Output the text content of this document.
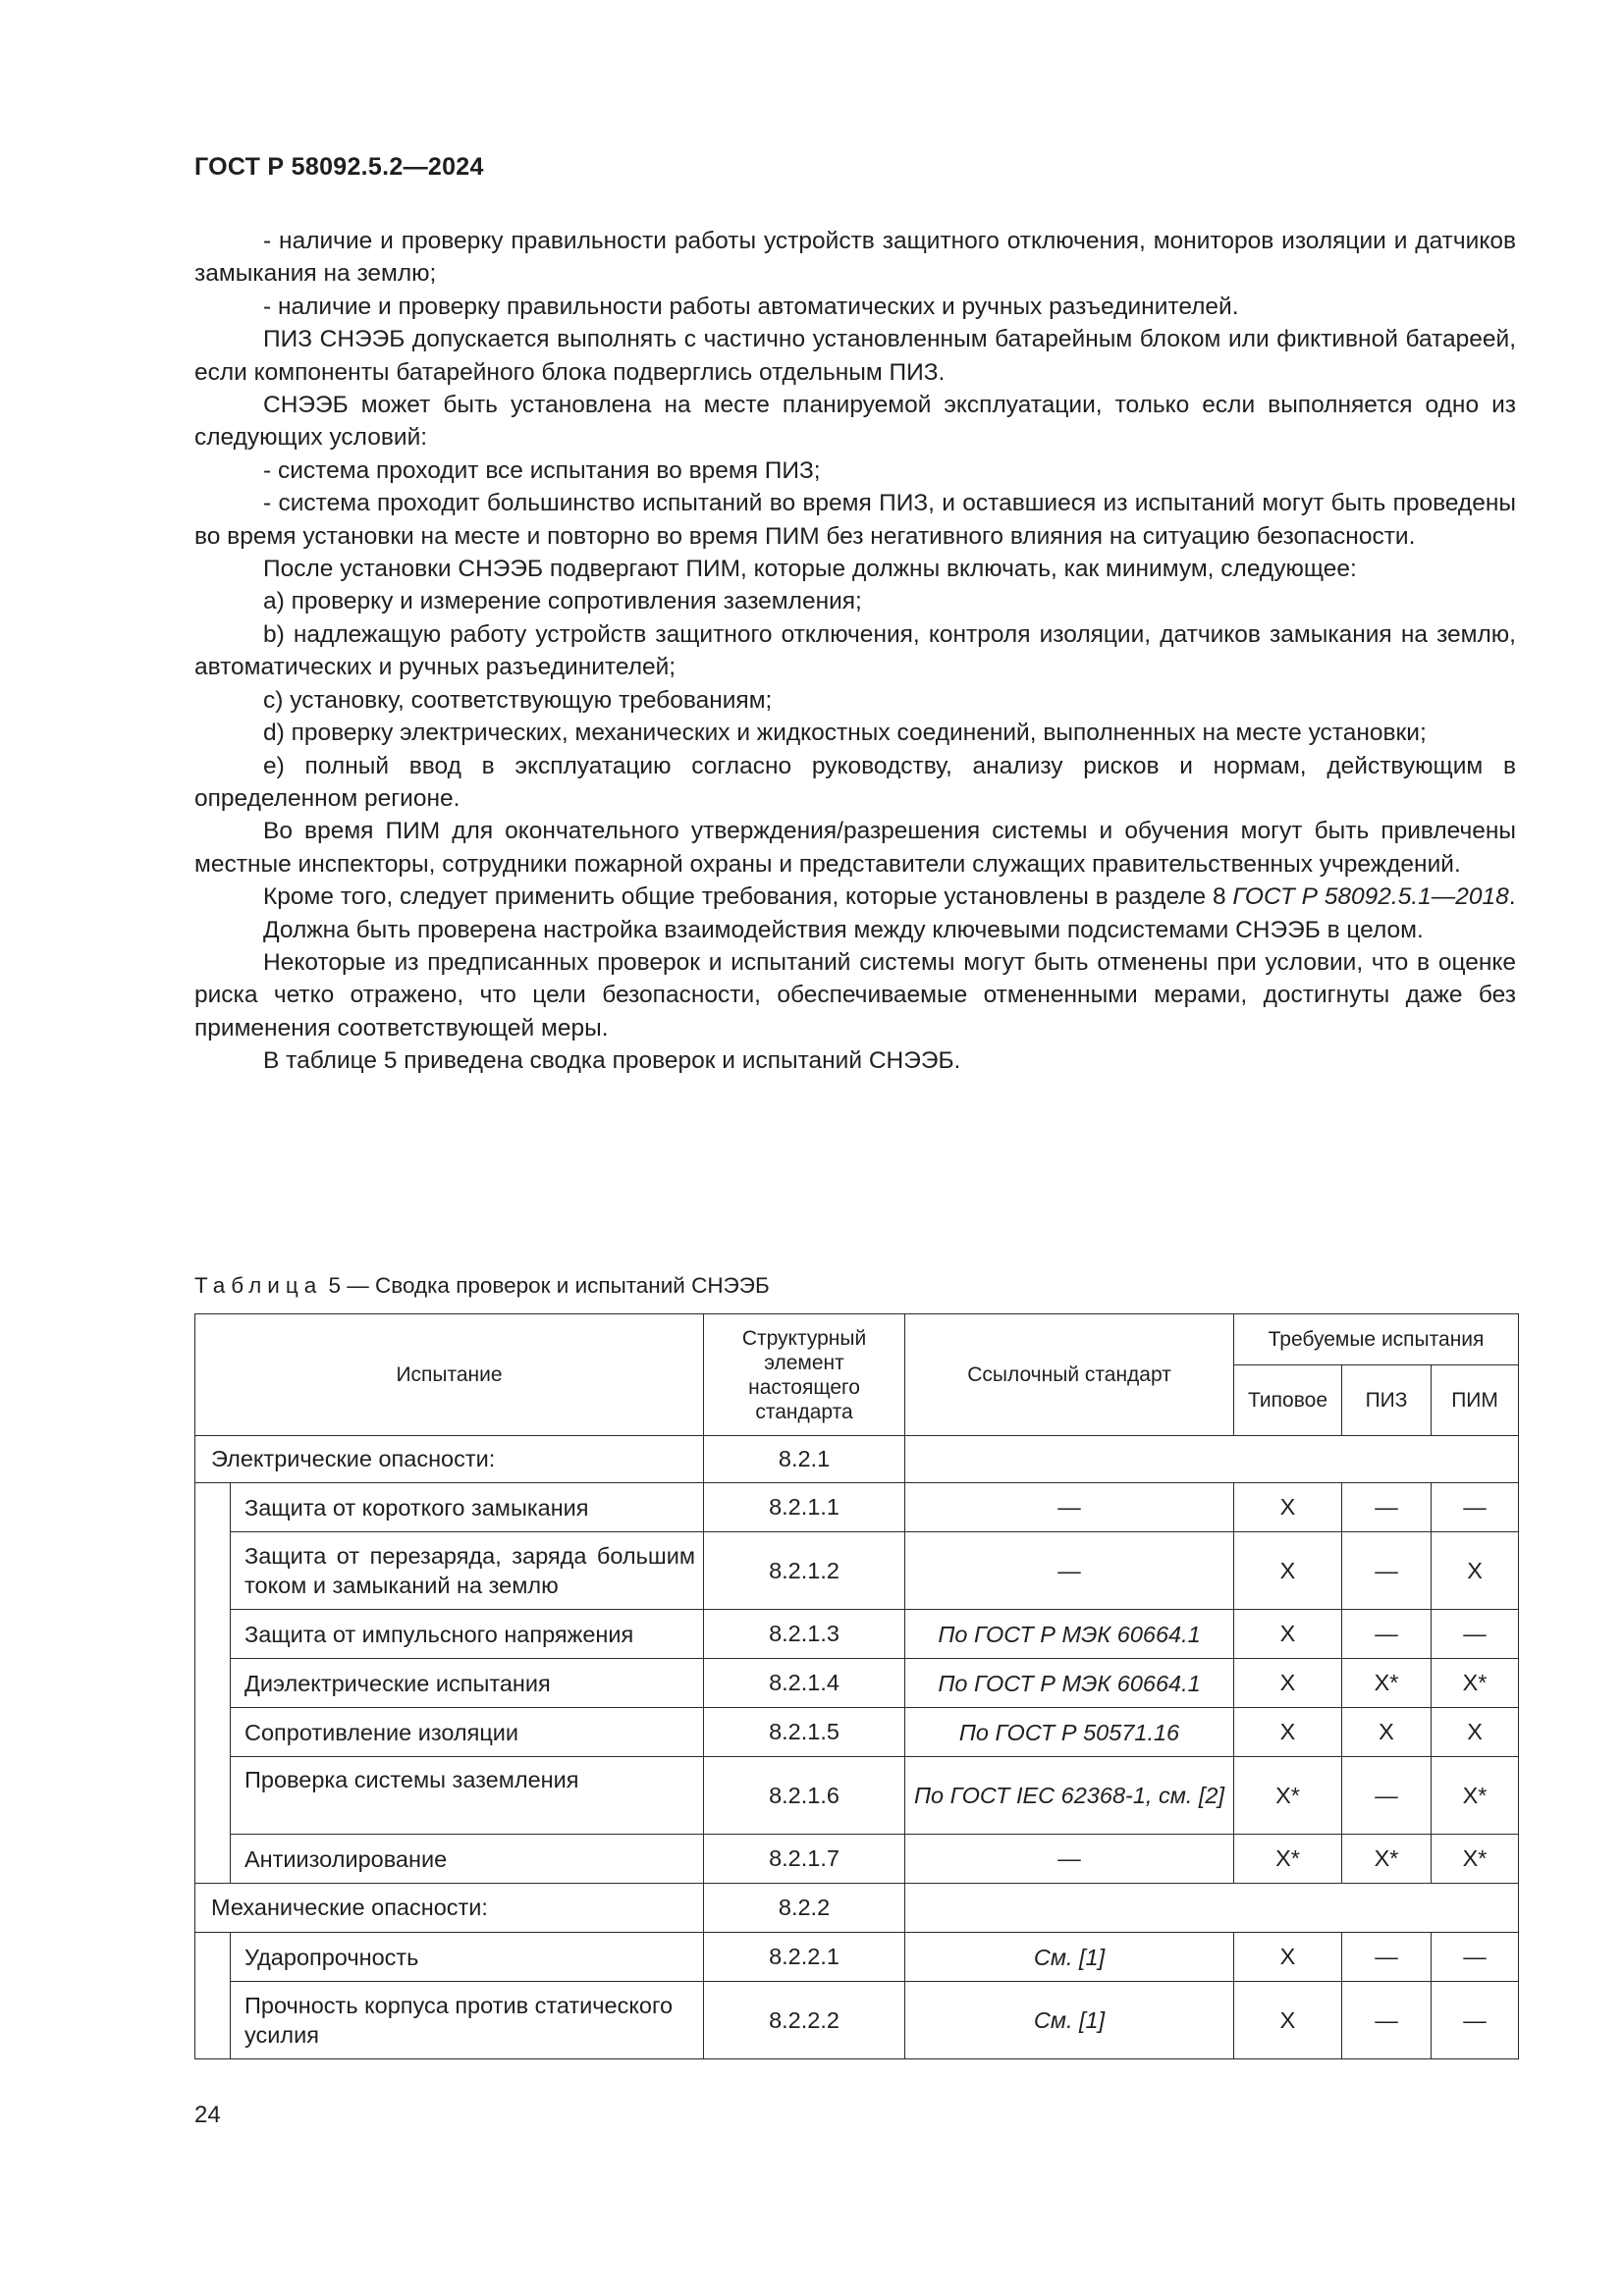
ГОСТ Р 58092.5.2—2024

- наличие и проверку правильности работы устройств защитного отключения, мониторов изоляции и датчиков замыкания на землю;

- наличие и проверку правильности работы автоматических и ручных разъединителей.

ПИЗ СНЭЭБ допускается выполнять с частично установленным батарейным блоком или фиктивной батареей, если компоненты батарейного блока подверглись отдельным ПИЗ.

СНЭЭБ может быть установлена на месте планируемой эксплуатации, только если выполняется одно из следующих условий:

- система проходит все испытания во время ПИЗ;

- система проходит большинство испытаний во время ПИЗ, и оставшиеся из испытаний могут быть проведены во время установки на месте и повторно во время ПИМ без негативного влияния на ситуацию безопасности.

После установки СНЭЭБ подвергают ПИМ, которые должны включать, как минимум, следующее:

a) проверку и измерение сопротивления заземления;

b) надлежащую работу устройств защитного отключения, контроля изоляции, датчиков замыкания на землю, автоматических и ручных разъединителей;

c) установку, соответствующую требованиям;

d) проверку электрических, механических и жидкостных соединений, выполненных на месте установки;

e) полный ввод в эксплуатацию согласно руководству, анализу рисков и нормам, действующим в определенном регионе.

Во время ПИМ для окончательного утверждения/разрешения системы и обучения могут быть привлечены местные инспекторы, сотрудники пожарной охраны и представители служащих правительственных учреждений.

Кроме того, следует применить общие требования, которые установлены в разделе 8 ГОСТ Р 58092.5.1—2018.

Должна быть проверена настройка взаимодействия между ключевыми подсистемами СНЭЭБ в целом.

Некоторые из предписанных проверок и испытаний системы могут быть отменены при условии, что в оценке риска четко отражено, что цели безопасности, обеспечиваемые отмененными мерами, достигнуты даже без применения соответствующей меры.

В таблице 5 приведена сводка проверок и испытаний СНЭЭБ.

Таблица 5 — Сводка проверок и испытаний СНЭЭБ
Испытание		Структурный элемент настоящего стандарта	Ссылочный стандарт	Требуемые испытания		
				Типовое	ПИЗ	ПИМ
Электрические опасности:		8.2.1				
	Защита от короткого замыкания	8.2.1.1	—	X	—	—
	Защита от перезаряда, заряда большим током и замыканий на землю	8.2.1.2	—	X	—	X
	Защита от импульсного напряжения	8.2.1.3	По ГОСТ Р МЭК 60664.1	X	—	—
	Диэлектрические испытания	8.2.1.4	По ГОСТ Р МЭК 60664.1	X	X*	X*
	Сопротивление изоляции	8.2.1.5	По ГОСТ Р 50571.16	X	X	X
	Проверка системы заземления	8.2.1.6	По ГОСТ IEC 62368-1, см. [2]	X*	—	X*
	Антиизолирование	8.2.1.7	—	X*	X*	X*
Механические опасности:		8.2.2				
	Ударопрочность	8.2.2.1	См. [1]	X	—	—
	Прочность корпуса против статического усилия	8.2.2.2	См. [1]	X	—	—
24
